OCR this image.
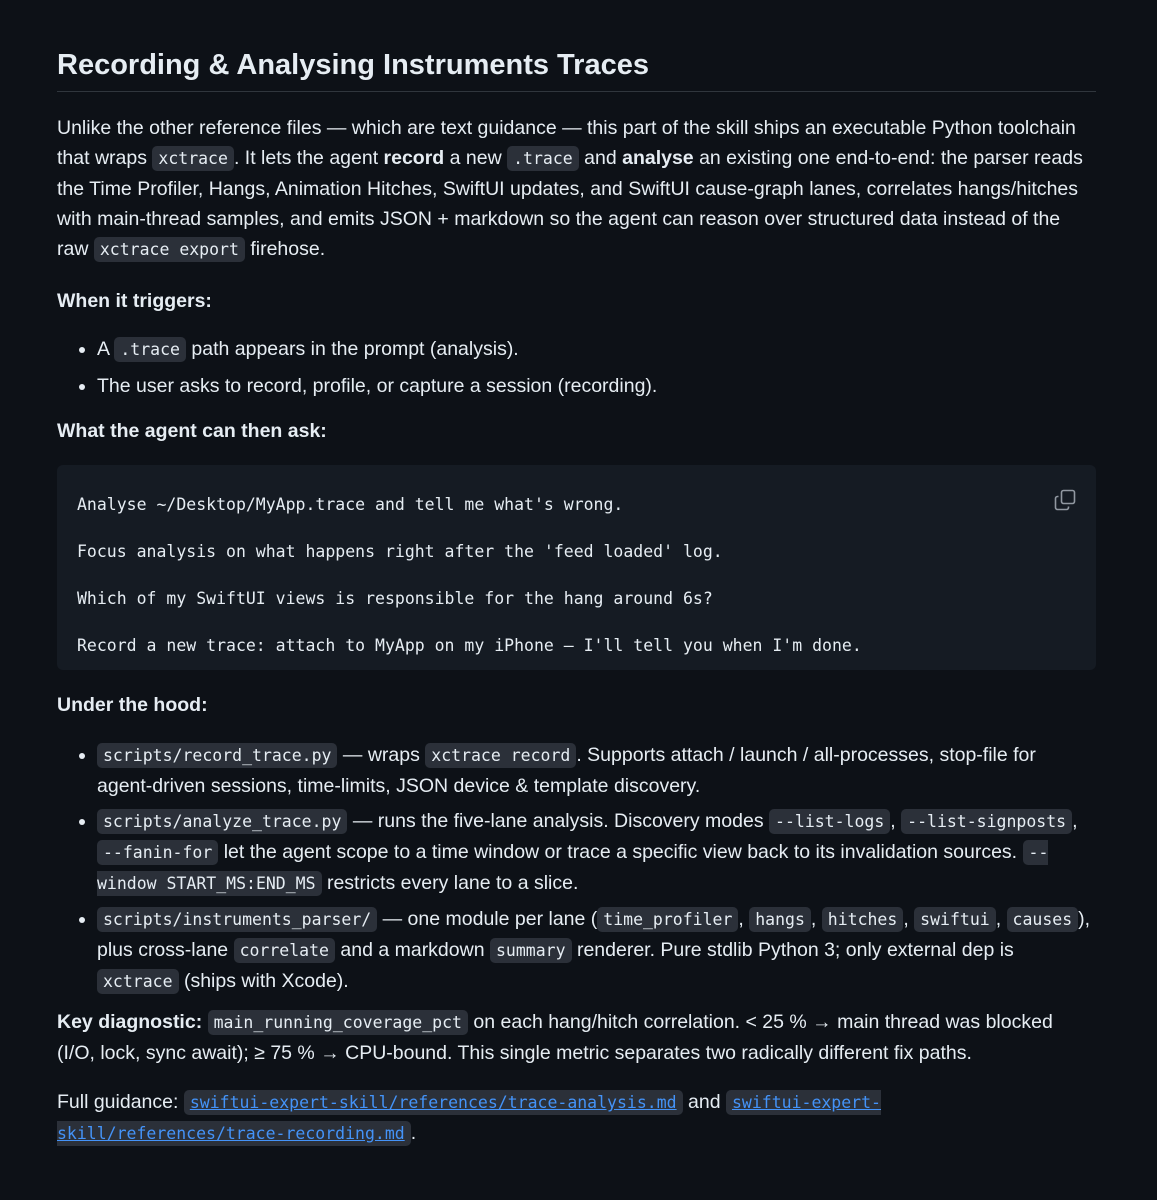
Recording & Analysing Instruments Traces

Unlike the other reference files — which are text guidance — this part of the skill ships an executable Python toolchain that wraps xctrace . It lets the agent record a new .trace and analyse an existing one end-to-end: the parser reads the Time Profiler, Hangs, Animation Hitches, SwiftUI updates, and SwiftUI cause-graph lanes, correlates hangs/hitches with main-thread samples, and emits JSON + markdown so the agent can reason over structured data instead of the raw xctrace export firehose.

When it triggers:

• A .trace path appears in the prompt (analysis).
• The user asks to record, profile, or capture a session (recording).

What the agent can then ask:

Analyse ~/Desktop/MyApp.trace and tell me what's wrong.
Focus analysis on what happens right after the 'feed loaded' log.
Which of my SwiftUI views is responsible for the hang around 6s?
Record a new trace: attach to MyApp on my iPhone — I'll tell you when I'm done.

Under the hood:

• scripts/record_trace.py — wraps xctrace record . Supports attach / launch / all-processes, stop-file for agent-driven sessions, time-limits, JSON device & template discovery.
• scripts/analyze_trace.py — runs the five-lane analysis. Discovery modes --list-logs , --list-signposts , --fanin-for let the agent scope to a time window or trace a specific view back to its invalidation sources. --window START_MS:END_MS restricts every lane to a slice.
• scripts/instruments_parser/ — one module per lane ( time_profiler , hangs , hitches , swiftui , causes ), plus cross-lane correlate and a markdown summary renderer. Pure stdlib Python 3; only external dep is xctrace (ships with Xcode).

Key diagnostic: main_running_coverage_pct on each hang/hitch correlation. < 25 % → main thread was blocked (I/O, lock, sync await); ≥ 75 % → CPU-bound. This single metric separates two radically different fix paths.

Full guidance: swiftui-expert-skill/references/trace-analysis.md and swiftui-expert-skill/references/trace-recording.md .
